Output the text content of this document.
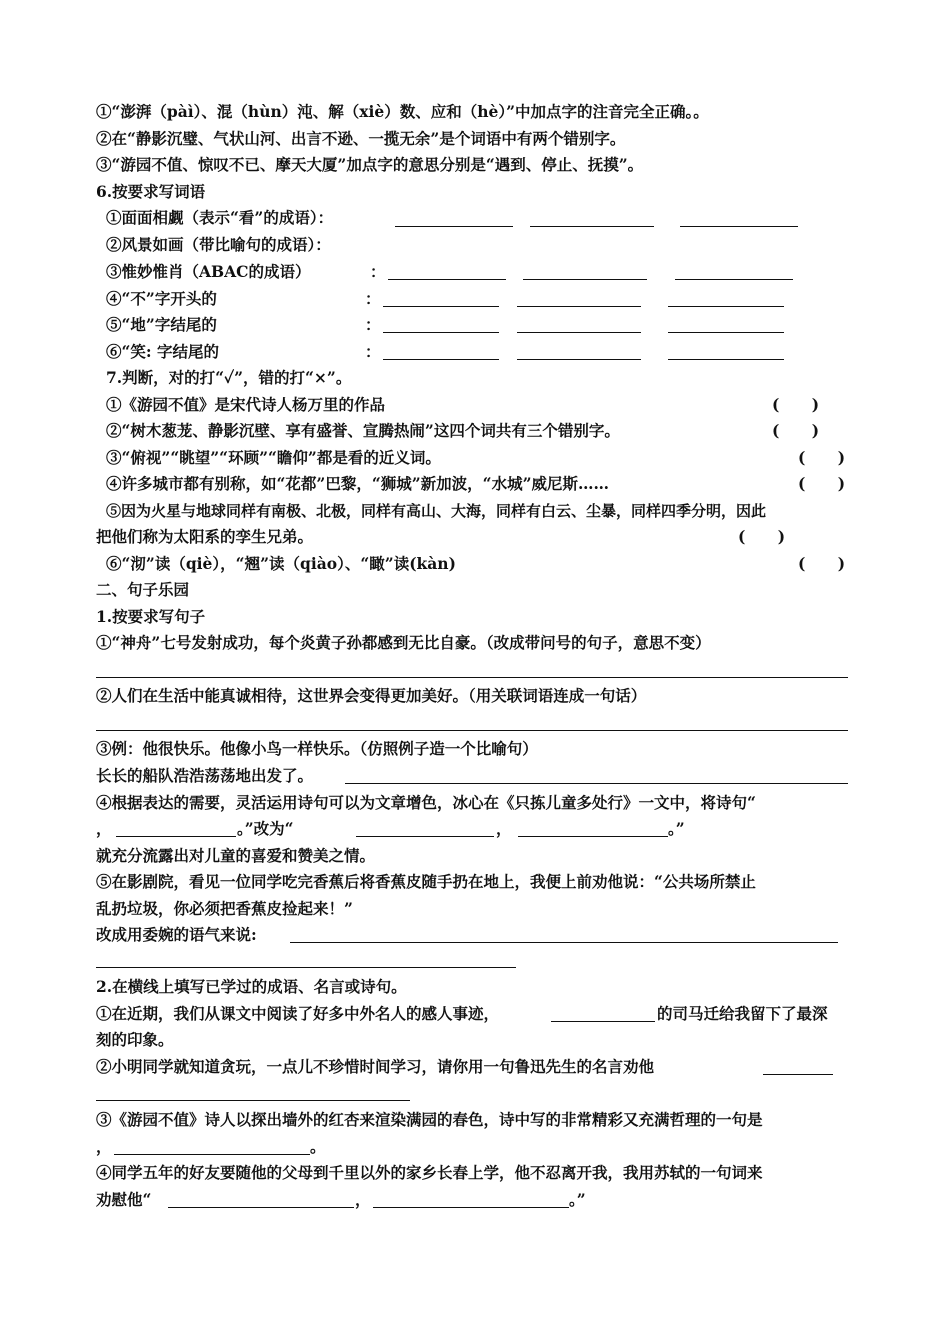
①“澎湃（pàì）、混（hùn）沌、解（xiè）数、应和（hè）”中加点字的注音完全正确。。
②在“静影沉璧、气状山河、出言不逊、一揽无余”是个词语中有两个错别字。
③“游园不值、惊叹不已、摩天大厦”加点字的意思分别是“遇到、停止、抚摸”。
6.按要求写词语
①面面相觑（表示“看”的成语）：
②风景如画（带比喻句的成语）：
③惟妙惟肖（ABAC的成语）	：
④“不”字开头的	：
⑤“地”字结尾的	：
⑥“笑: 字结尾的	：
7.判断，对的打“✓”，错的打“×”。
①《游园不值》是宋代诗人杨万里的作品	(      )
②“树木葱茏、静影沉壁、享有盛誉、宣腾热闹”这四个词共有三个错别字。	(      )
③“俯视”“眺望”“环顾”“瞻仰”都是看的近义词。	(      )
④许多城市都有别称，如“花都”巴黎，“狮城”新加波，“水城”威尼斯……	(      )
⑤因为火星与地球同样有南极、北极，同样有高山、大海，同样有白云、尘暴，同样四季分明，因此
把他们称为太阳系的孪生兄弟。	(      )
⑥“沏”读（qiè），“翘”读（qiào）、“瞰”读(kàn)	(      )
二、句子乐园
1.按要求写句子
①“神舟”七号发射成功，每个炎黄子孙都感到无比自豪。（改成带问号的句子，意思不变）
②人们在生活中能真诚相待，这世界会变得更加美好。（用关联词语连成一句话）
③例：他很快乐。他像小鸟一样快乐。（仿照例子造一个比喻句）
长长的船队浩浩荡荡地出发了。
④根据表达的需要，灵活运用诗句可以为文章增色，冰心在《只拣儿童多处行》一文中，将诗句“
，	。”改为“	，	。”
就充分流露出对儿童的喜爱和赞美之情。
⑤在影剧院，看见一位同学吃完香蕉后将香蕉皮随手扔在地上，我便上前劝他说：“公共场所禁止
乱扔垃圾，你必须把香蕉皮捡起来！”
改成用委婉的语气来说:
2.在横线上填写已学过的成语、名言或诗句。
①在近期，我们从课文中阅读了好多中外名人的感人事迹，	的司马迁给我留下了最深
刻的印象。
②小明同学就知道贪玩，一点儿不珍惜时间学习，请你用一句鲁迅先生的名言劝他
③《游园不值》诗人以探出墙外的红杏来渲染满园的春色，诗中写的非常精彩又充满哲理的一句是
，	。
④同学五年的好友要随他的父母到千里以外的家乡长春上学，他不忍离开我，我用苏轼的一句词来
劝慰他“	，	。”
